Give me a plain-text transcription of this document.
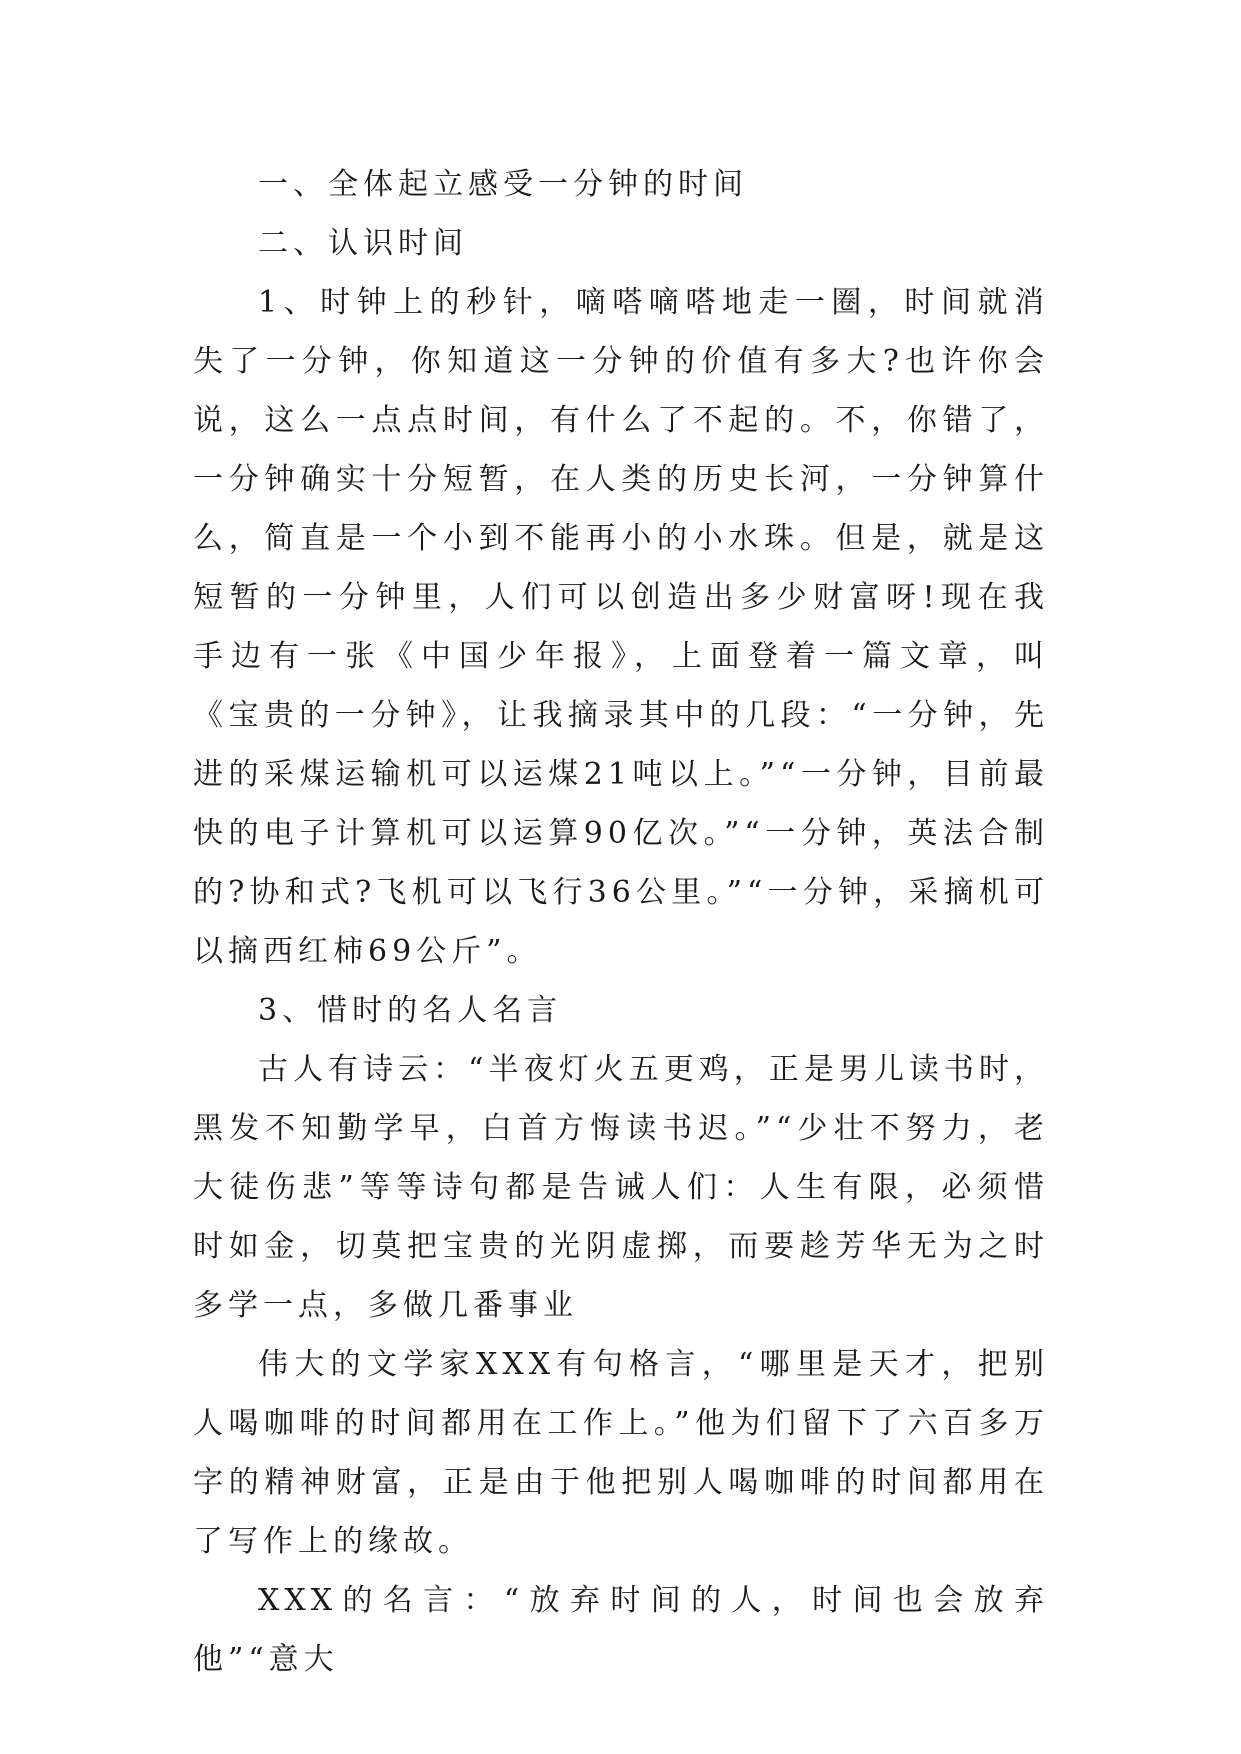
一、全体起立感受一分钟的时间

二、认识时间

1、时钟上的秒针，嘀嗒嘀嗒地走一圈，时间就消失了一分钟，你知道这一分钟的价值有多大?也许你会说，这么一点点时间，有什么了不起的。不，你错了，一分钟确实十分短暂，在人类的历史长河，一分钟算什么，简直是一个小到不能再小的小水珠。但是，就是这短暂的一分钟里，人们可以创造出多少财富呀!现在我手边有一张《中国少年报》，上面登着一篇文章，叫《宝贵的一分钟》，让我摘录其中的几段：“一分钟，先进的采煤运输机可以运煤21吨以上。”“一分钟，目前最快的电子计算机可以运算90亿次。”“一分钟，英法合制的?协和式?飞机可以飞行36公里。”“一分钟，采摘机可以摘西红柿69公斤”。

3、惜时的名人名言

古人有诗云：“半夜灯火五更鸡，正是男儿读书时，黑发不知勤学早，白首方悔读书迟。”“少壮不努力，老大徒伤悲”等等诗句都是告诫人们：人生有限，必须惜时如金，切莫把宝贵的光阴虚掷，而要趁芳华无为之时多学一点，多做几番事业

伟大的文学家XXX有句格言，“哪里是天才，把别人喝咖啡的时间都用在工作上。”他为们留下了六百多万字的精神财富，正是由于他把别人喝咖啡的时间都用在了写作上的缘故。

XXX的名言：“放弃时间的人，时间也会放弃他”“意大
